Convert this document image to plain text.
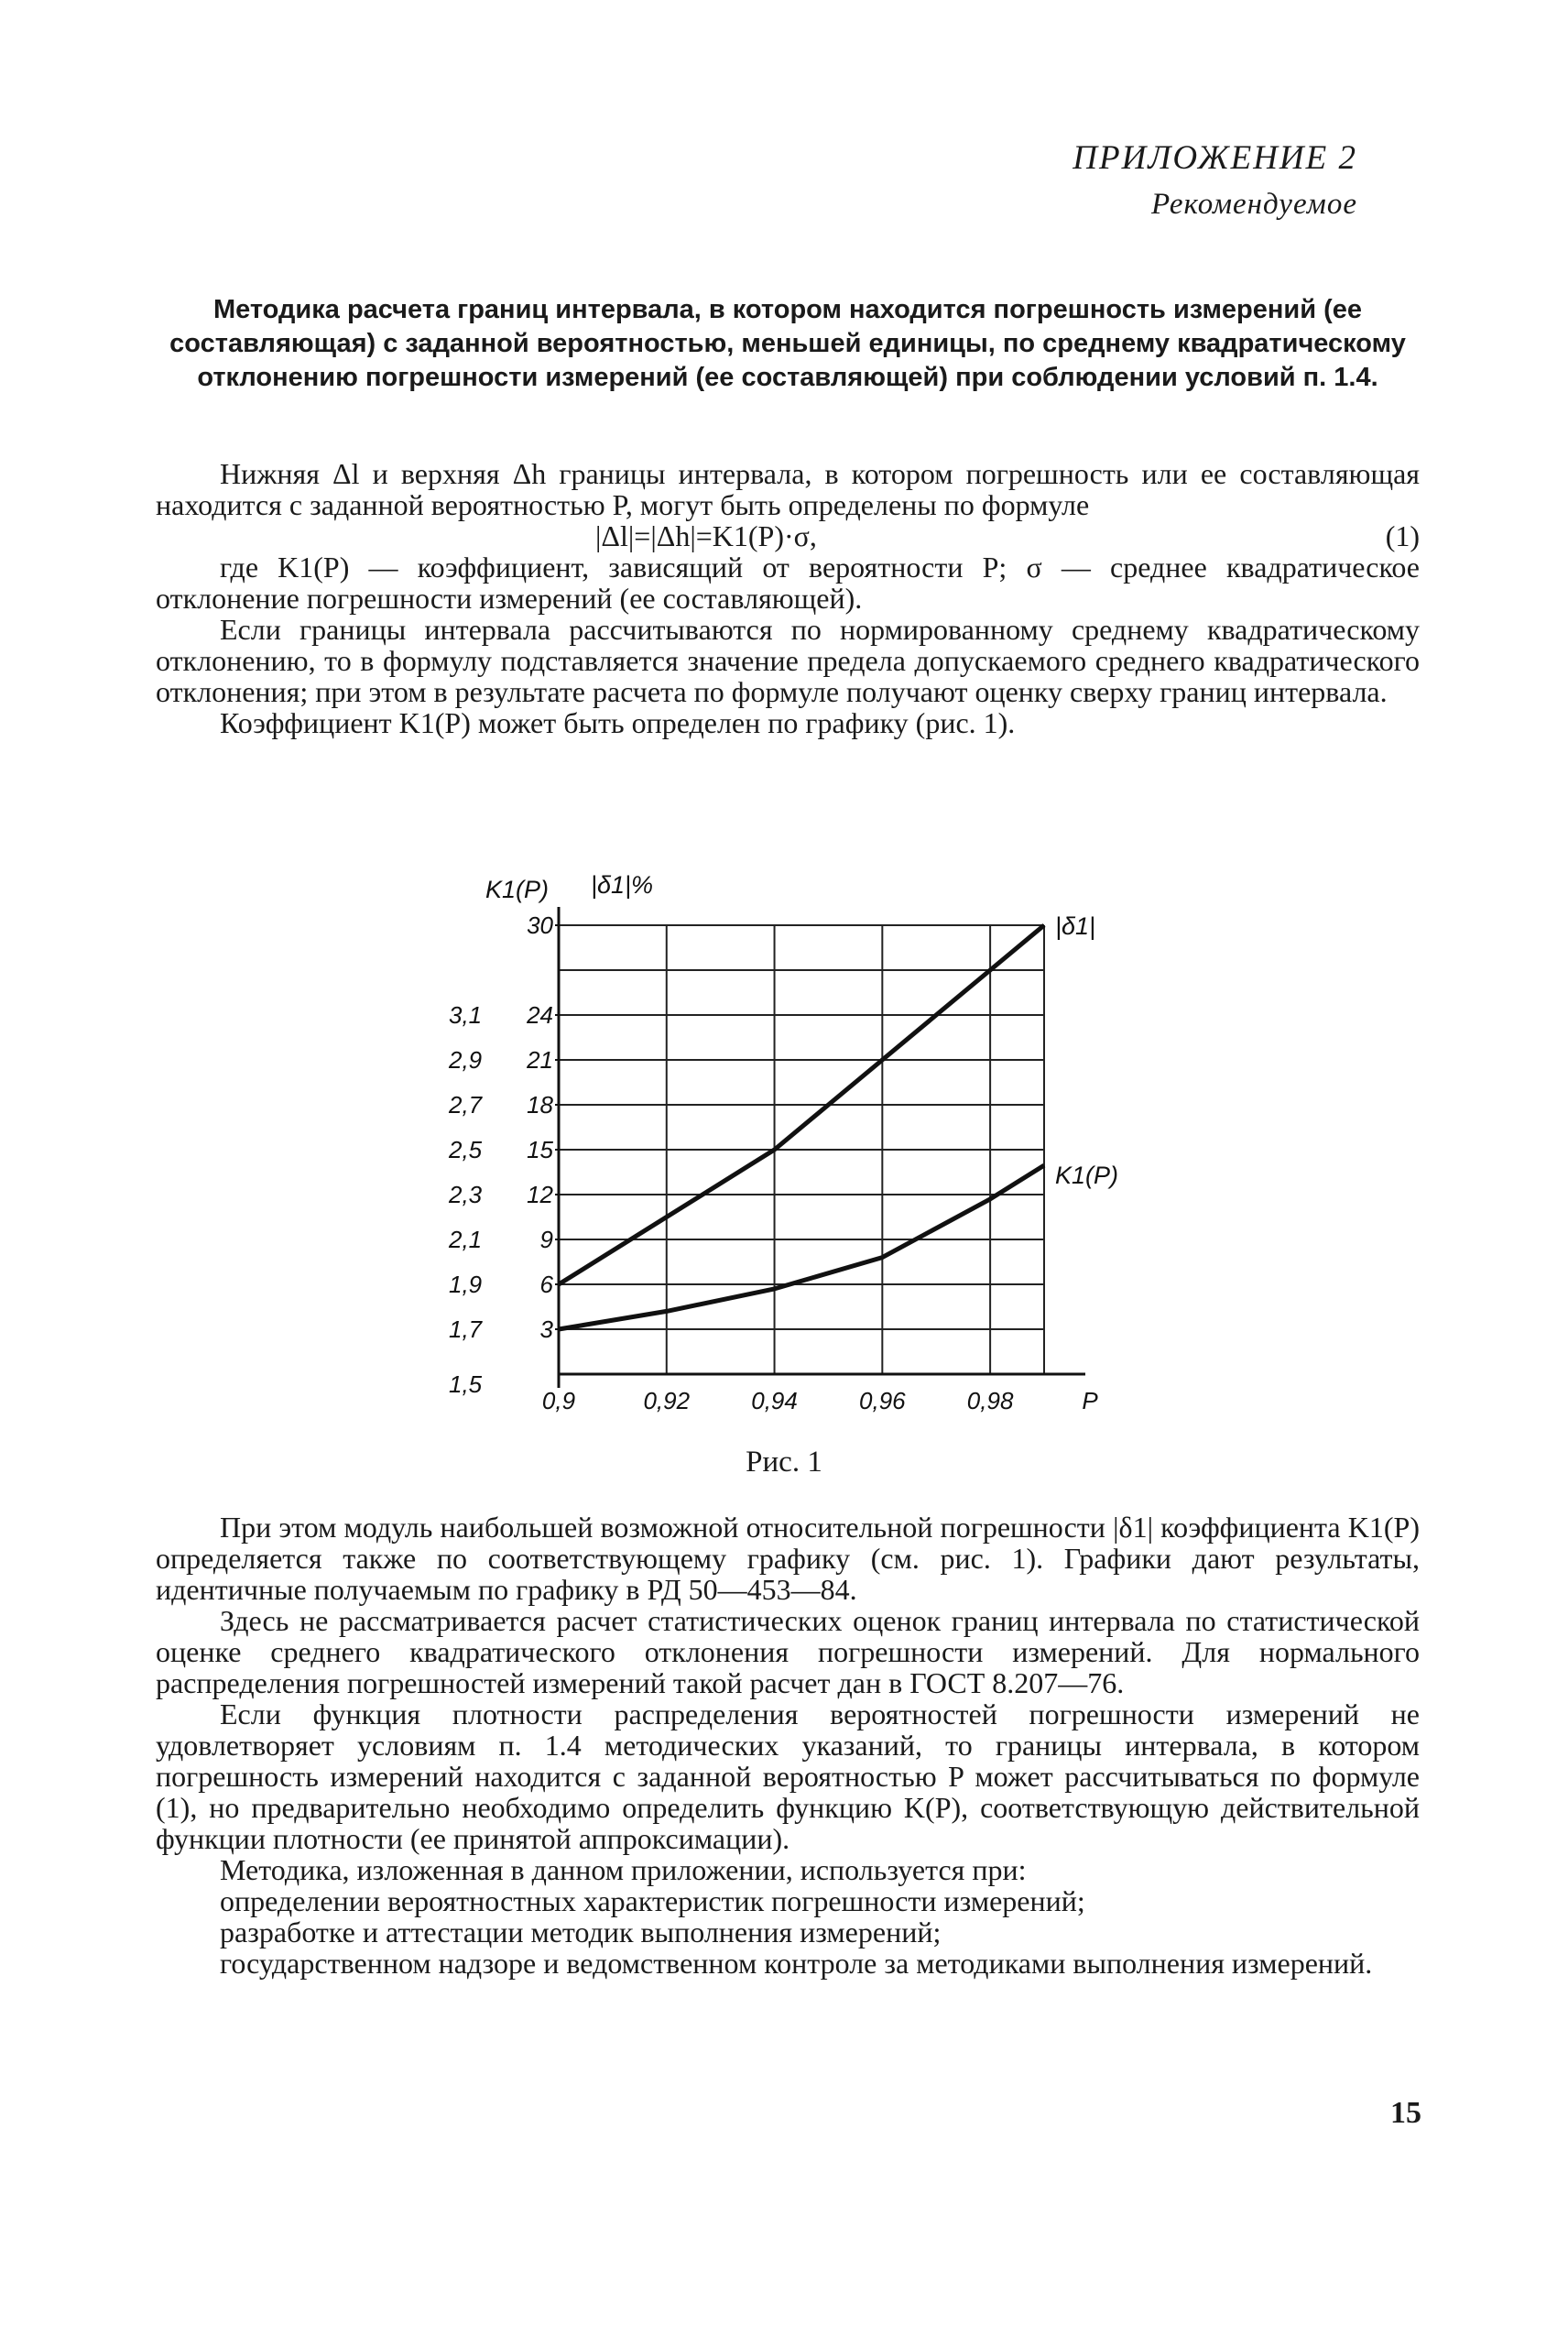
ПРИЛОЖЕНИЕ 2
Рекомендуемое
Методика расчета границ интервала, в котором находится погрешность измерений (ее составляющая) с заданной вероятностью, меньшей единицы, по среднему квадратическому отклонению погрешности измерений (ее составляющей) при соблюдении условий п. 1.4.

Нижняя Δl и верхняя Δh границы интервала, в котором погрешность или ее составляющая находится с заданной вероятностью P, могут быть определены по формуле

|Δl|=|Δh|=K1(P)·σ,	(1)

где K1(P) — коэффициент, зависящий от вероятности P; σ — среднее квадратическое отклонение погрешности измерений (ее составляющей).

Если границы интервала рассчитываются по нормированному среднему квадратическому отклонению, то в формулу подставляется значение предела допускаемого среднего квадратического отклонения; при этом в результате расчета по формуле получают оценку сверху границ интервала.

Коэффициент K1(P) может быть определен по графику (рис. 1).

3,1
2,9
2,7
2,5
2,3
2,1
1,9
1,7
1,5
30
24
21
18
15
12
9
6
3
0,9	0,92	0,94	0,96	0,98	P
K1(P) |δ1|%
|δ1|
K1(P)
Рис. 1

При этом модуль наибольшей возможной относительной погрешности |δ1| коэффициента K1(P) определяется также по соответствующему графику (см. рис. 1). Графики дают результаты, идентичные получаемым по графику в РД 50—453—84.

Здесь не рассматривается расчет статистических оценок границ интервала по статистической оценке среднего квадратического отклонения погрешности измерений. Для нормального распределения погрешностей измерений такой расчет дан в ГОСТ 8.207—76.

Если функция плотности распределения вероятностей погрешности измерений не удовлетворяет условиям п. 1.4 методических указаний, то границы интервала, в котором погрешность измерений находится с заданной вероятностью P может рассчитываться по формуле (1), но предварительно необходимо определить функцию K(P), соответствующую действительной функции плотности (ее принятой аппроксимации).

Методика, изложенная в данном приложении, используется при:

определении вероятностных характеристик погрешности измерений;

разработке и аттестации методик выполнения измерений;

государственном надзоре и ведомственном контроле за методиками выполнения измерений.

15
